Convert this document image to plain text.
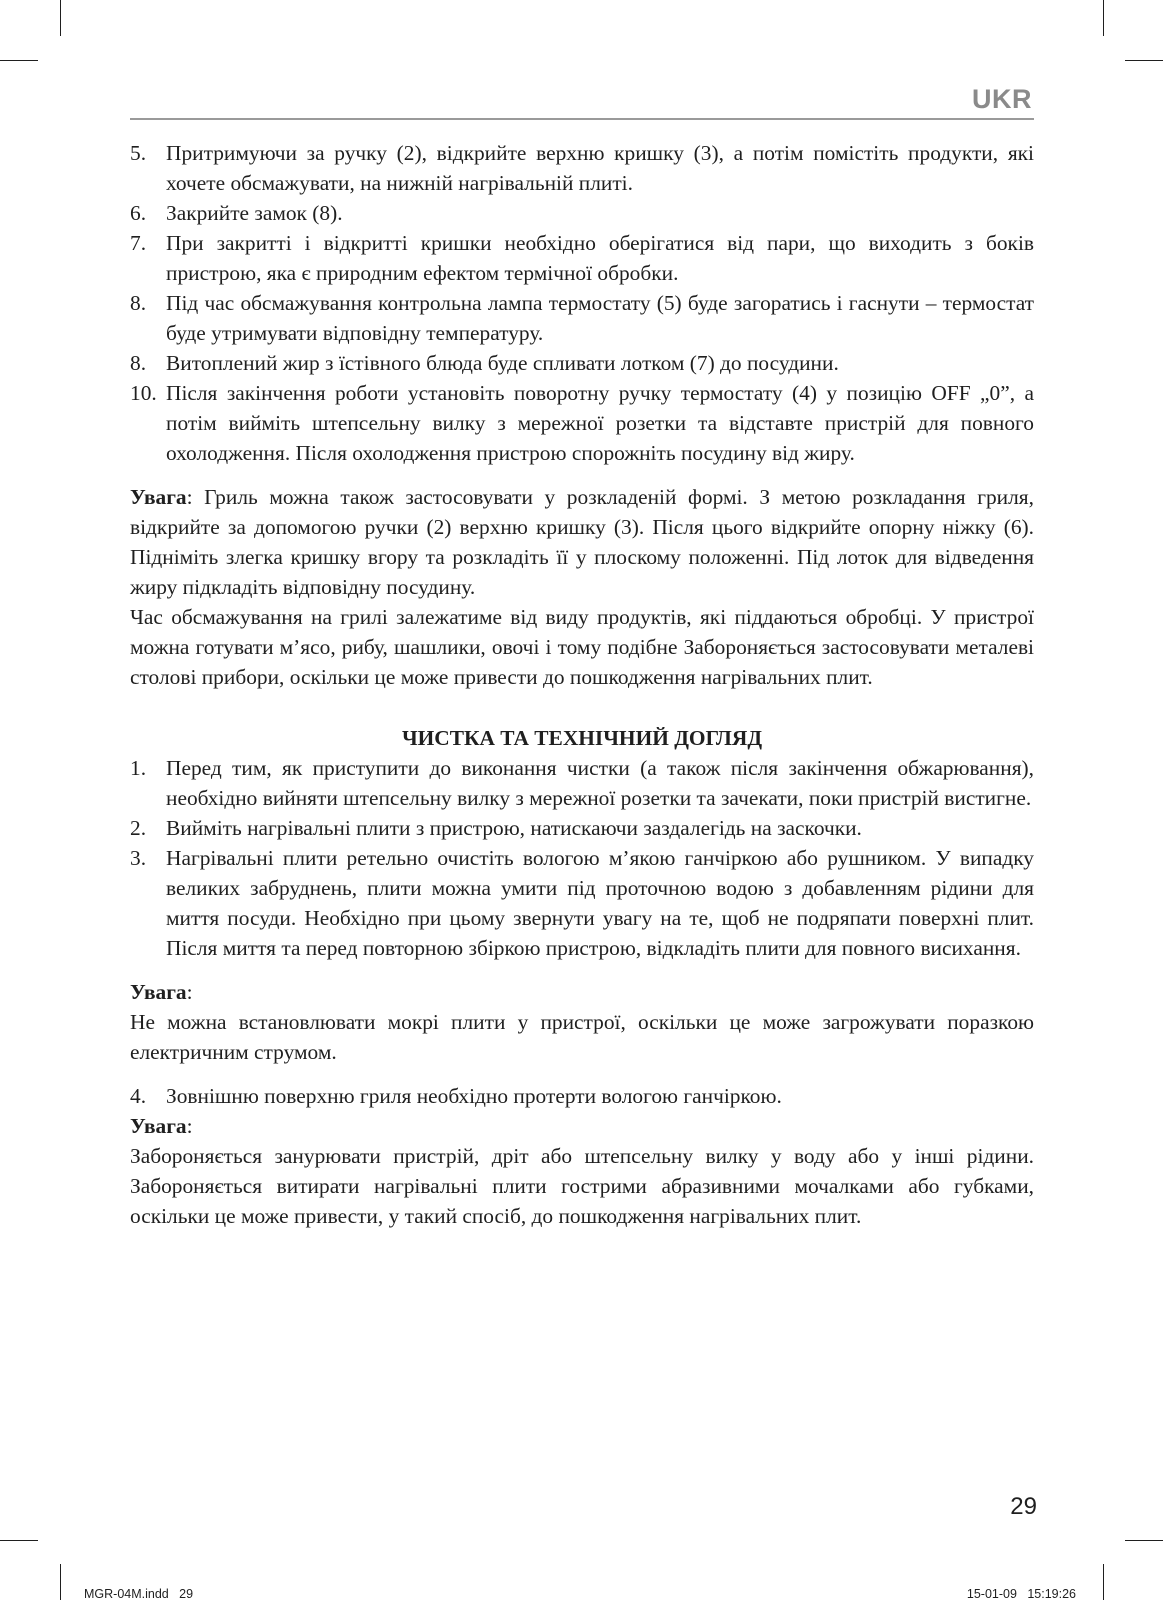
UKR
5. Притримуючи за ручку (2), відкрийте верхню кришку (3), а потім помістіть продукти, які хочете обсмажувати, на нижній нагрівальній плиті.
6. Закрийте замок (8).
7. При закритті і відкритті кришки необхідно оберігатися від пари, що виходить з боків пристрою, яка є природним ефектом термічної обробки.
8. Під час обсмажування контрольна лампа термостату (5) буде загоратись і гаснути – термостат буде утримувати відповідну температуру.
8. Витоплений жир з їстівного блюда буде спливати лотком (7) до посудини.
10. Після закінчення роботи установіть поворотну ручку термостату (4) у позицію OFF „0”, а потім вийміть штепсельну вилку з мережної розетки та відставте пристрій для повного охолодження. Після охолодження пристрою спорожніть посудину від жиру.

Увага: Гриль можна також застосовувати у розкладеній формі. З метою розкладання гриля, відкрийте за допомогою ручки (2) верхню кришку (3). Після цього відкрийте опорну ніжку (6). Підніміть злегка кришку вгору та розкладіть її у плоскому положенні. Під лоток для відведення жиру підкладіть відповідну посудину.

Час обсмажування на грилі залежатиме від виду продуктів, які піддаються обробці. У пристрої можна готувати м’ясо, рибу, шашлики, овочі і тому подібне Забороняється застосовувати металеві столові прибори, оскільки це може привести до пошкодження нагрівальних плит.

ЧИСТКА ТА ТЕХНІЧНИЙ ДОГЛЯД
1. Перед тим, як приступити до виконання чистки (а також після закінчення обжарювання), необхідно вийняти штепсельну вилку з мережної розетки та зачекати, поки пристрій вистигне.
2. Вийміть нагрівальні плити з пристрою, натискаючи заздалегідь на заскочки.
3. Нагрівальні плити ретельно очистіть вологою м’якою ганчіркою або рушником. У випадку великих забруднень, плити можна умити під проточною водою з добавленням рідини для миття посуди. Необхідно при цьому звернути увагу на те, щоб не подряпати поверхні плит. Після миття та перед повторною збіркою пристрою, відкладіть плити для повного висихання.

Увага:

Не можна встановлювати мокрі плити у пристрої, оскільки це може загрожувати поразкою електричним струмом.

4. Зовнішню поверхню гриля необхідно протерти вологою ганчіркою.

Увага:

Забороняється занурювати пристрій, дріт або штепсельну вилку у воду або у інші рідини. Забороняється витирати нагрівальні плити гострими абразивними мочалками або губками, оскільки це може привести, у такий спосіб, до пошкодження нагрівальних плит.

29
MGR-04M.indd   29	15-01-09   15:19:26
